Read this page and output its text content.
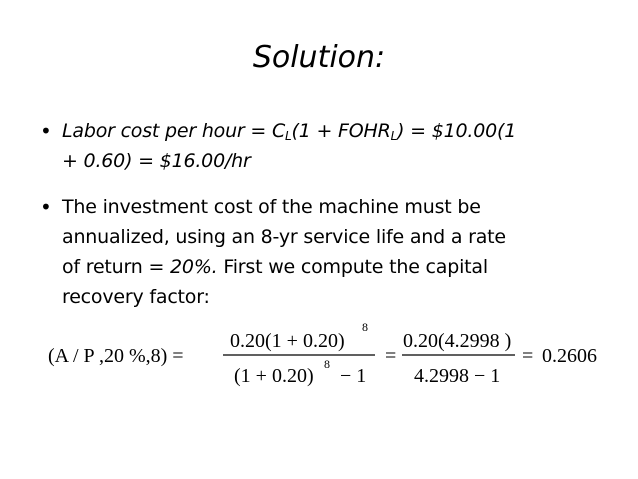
Solution:
• Labor cost per hour = $C_L(1$ + $FOHR_L$) = $10.00(1
+ 0.60) = $16.00/hr
• The investment cost of the machine must be
annualized, using an 8-yr service life and a rate
of return = 20%. First we compute the capital
recovery factor:
(A / P ,20 %,8) =
0.20(1 + 0.20)
8
(1 + 0.20)
8
− 1
=
0.20(4.2998 )
4.2998 − 1
= 0.2606
